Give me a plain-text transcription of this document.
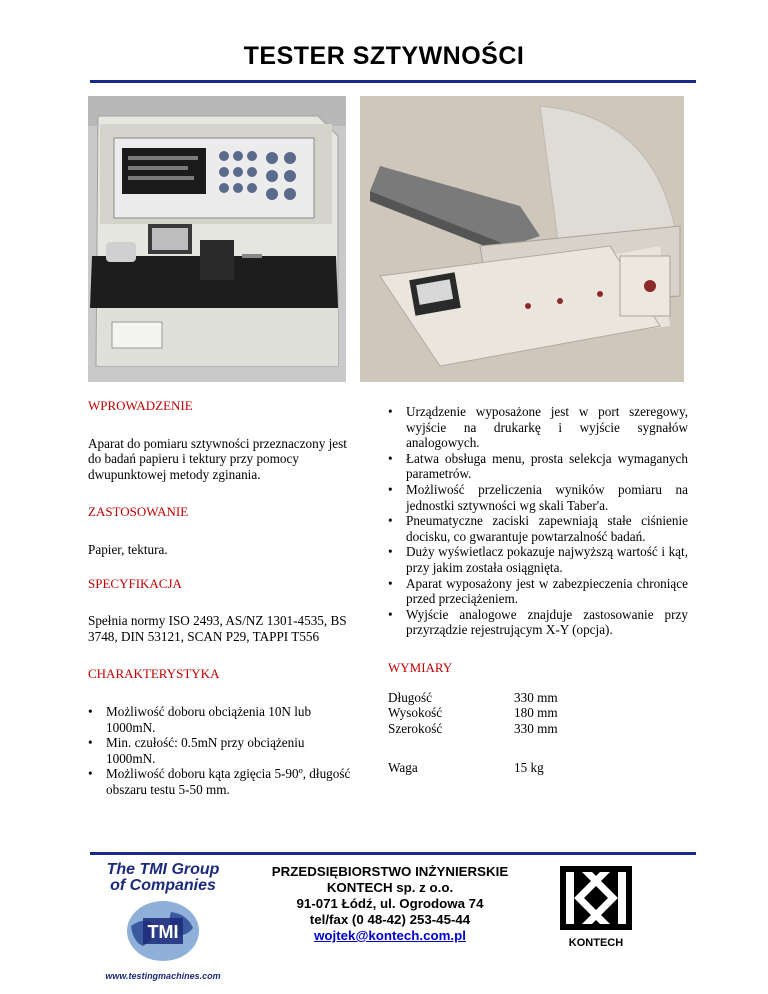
TESTER SZTYWNOŚCI
WPROWADZENIE

Aparat do pomiaru sztywności przeznaczony jest do badań papieru i tektury przy pomocy dwupunktowej metody zginania.

ZASTOSOWANIE

Papier, tektura.

SPECYFIKACJA

Spełnia normy ISO 2493, AS/NZ 1301-4535, BS 3748, DIN 53121, SCAN P29, TAPPI T556

CHARAKTERYSTYKA
• Możliwość doboru obciążenia 10N lub 1000mN.
• Min. czułość: 0.5mN przy obciążeniu 1000mN.
• Możliwość doboru kąta zgięcia 5-90º, długość obszaru testu 5-50 mm.
• Urządzenie wyposażone jest w port szeregowy, wyjście na drukarkę i wyjście sygnałów analogowych.
• Łatwa obsługa menu, prosta selekcja wymaganych parametrów.
• Możliwość przeliczenia wyników pomiaru na jednostki sztywności wg skali Taber'a.
• Pneumatyczne zaciski zapewniają stałe ciśnienie docisku, co gwarantuje powtarzalność badań.
• Duży wyświetlacz pokazuje najwyższą wartość i kąt, przy jakim została osiągnięta.
• Aparat wyposażony jest w zabezpieczenia chroniące przed przeciążeniem.
• Wyjście analogowe znajduje zastosowanie przy przyrządzie rejestrującym X-Y (opcja).
WYMIARY
Długość	330 mm
Wysokość	180 mm
Szerokość	330 mm
Waga	15 kg
The TMI Group
of Companies
TMI
www.testingmachines.com
PRZEDSIĘBIORSTWO INŻYNIERSKIE
KONTECH sp. z o.o.
91-071 Łódź, ul. Ogrodowa 74
tel/fax (0 48-42) 253-45-44
wojtek@kontech.com.pl	KONTECH
